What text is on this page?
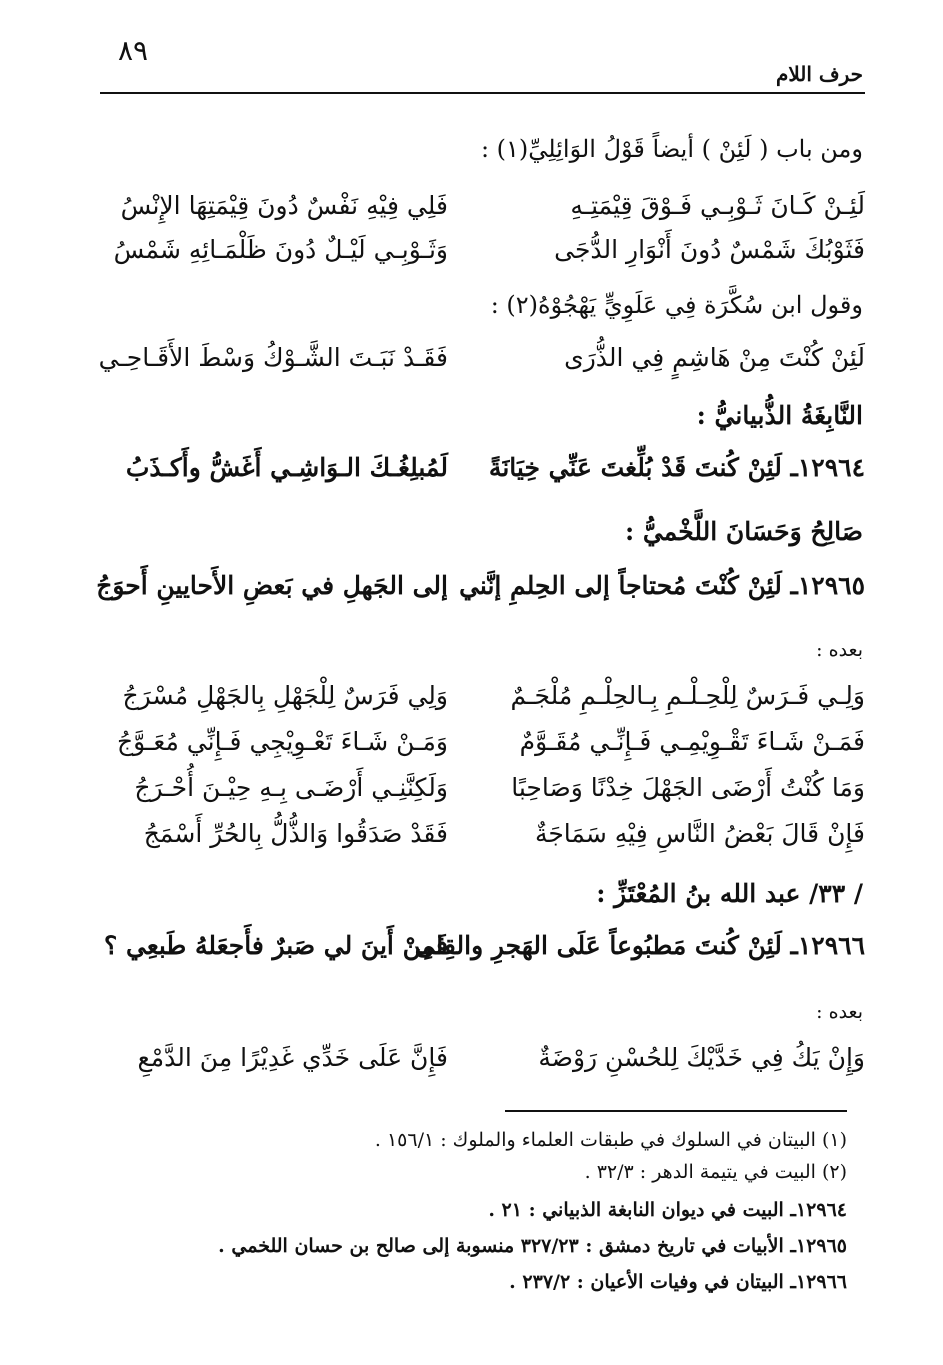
٨٩
حرف اللام
ومن باب ( لَئِنْ ) أيضاً قَوْلُ الوَائِلِيِّ(١) :
لَئِـنْ كَـانَ ثَـوْبِـي فَـوْقَ قِيْمَتِـهِ
فَلِي فِيْهِ نَفْسٌ دُونَ قِيْمَتِهَا الإِنْسُ
فَثَوْبُكَ شَمْسٌ دُونَ أَنْوَارِ الدُّجَى
وَثَـوْبِـي لَيْـلٌ دُونَ ظَلْمَـائِهِ شَمْسُ
وقول ابن سُكَّرَة فِي عَلَوِيٍّ يَهْجُوْهُ(٢) :
لَئِنْ كُنْتَ مِنْ هَاشِمٍ فِي الذُّرَى
فَقَـدْ نَبَـتَ الشَّـوْكُ وَسْطَ الأَقَـاحِـي
النَّابِغَةُ الذُّبيانيُّ :
١٢٩٦٤ـ لَئِنْ كُنتَ قَدْ بُلِّغتَ عَنِّي خِيَانَةً
لَمُبلِغُـكَ الـوَاشِـي أَغَشُّ وأَكـذَبُ
صَالِحُ وَحَسَانَ اللَّخْميُّ :
١٢٩٦٥ـ لَئِنْ كُنْتَ مُحتاجاً إلى الحِلمِ إنَّني
إلى الجَهلِ في بَعضِ الأَحايينِ أَحوَجُ
بعده :
وَلِـي فَـرَسٌ لِلْحِـلْـمِ بِـالحِلْـمِ مُلْجَـمٌ
وَلِي فَرَسٌ لِلْجَهْلِ بِالجَهْلِ مُسْرَجُ
فَمَـنْ شَـاءَ تَقْـوِيْمِـي فَـإِنِّـي مُقَـوَّمٌ
وَمَـنْ شَـاءَ تَعْـوِيْجِي فَـإِنِّي مُعَـوَّجُ
وَمَا كُنْتُ أَرْضَى الجَهْلَ خِدْنًا وَصَاحِبًا
وَلَكِنَّنِـي أَرْضَـى بِـهِ حِيْـنَ أُحْـرَجُ
فَإِنْ قَالَ بَعْضُ النَّاسِ فِيْهِ سَمَاجَةٌ
فَقَدْ صَدَقُوا وَالذُّلُّ بِالحُرِّ أَسْمَجُ
/ ٣٣/ عبد الله بنُ المُعْتَزِّ :
١٢٩٦٦ـ لَئِنْ كُنتَ مَطبُوعاً عَلَى الهَجرِ والقِلى
فَمِنْ أَينَ لي صَبرٌ فأَجعَلهُ طَبعِي ؟
بعده :
وَإِنْ يَكُ فِي خَدَّيْكَ لِلحُسْنِ رَوْضَةٌ
فَإِنَّ عَلَى خَدِّي غَدِيْرًا مِنَ الدَّمْعِ
(١) البيتان في السلوك في طبقات العلماء والملوك : ١٥٦/١ .
(٢) البيت في يتيمة الدهر : ٣٢/٣ .
١٢٩٦٤ـ البيت في ديوان النابغة الذبياني : ٢١ .
١٢٩٦٥ـ الأبيات في تاريخ دمشق : ٣٢٧/٢٣ منسوبة إلى صالح بن حسان اللخمي .
١٢٩٦٦ـ البيتان في وفيات الأعيان : ٢٣٧/٢ .
